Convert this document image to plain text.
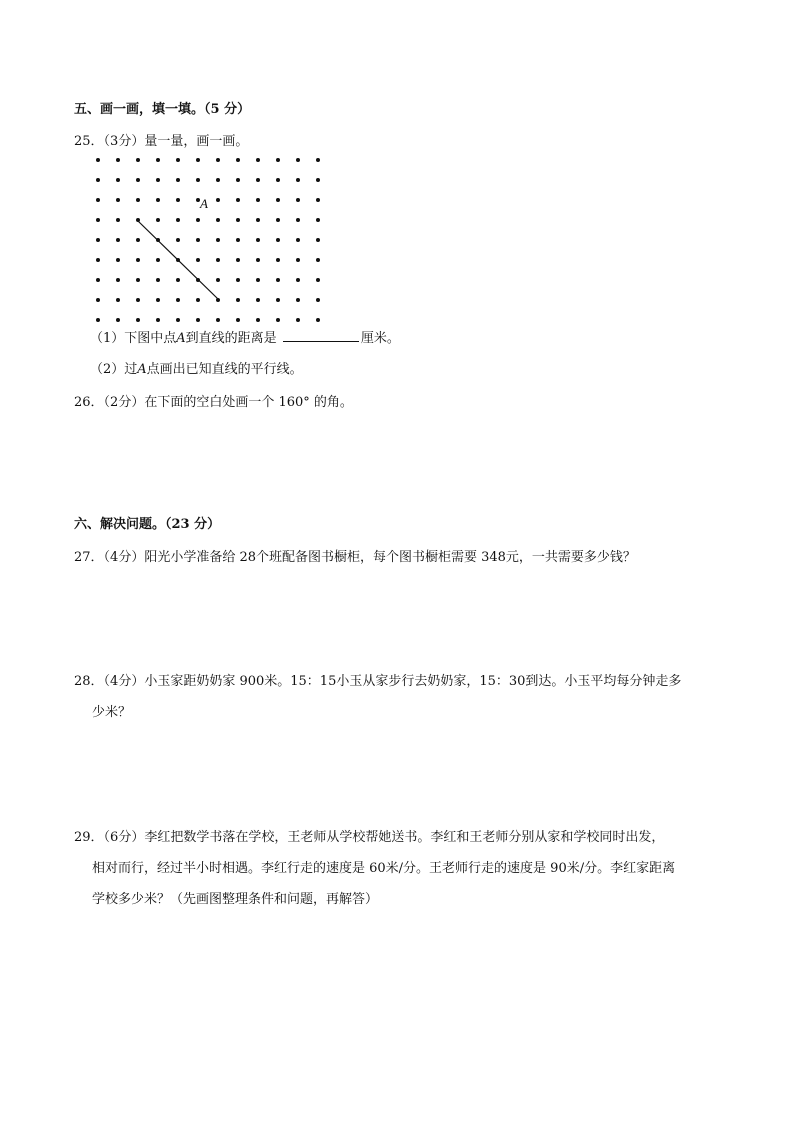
五、画一画，填一填。（5 分）
25．（3分）量一量，画一画。
A
（1）下图中点A到直线的距离是	厘米。
（2）过A点画出已知直线的平行线。
26．（2分）在下面的空白处画一个 160° 的角。
六、解决问题。（23 分）
27．（4分）阳光小学准备给 28个班配备图书橱柜，每个图书橱柜需要 348元，一共需要多少钱？
28．（4分）小玉家距奶奶家 900米。15：15小玉从家步行去奶奶家，15：30到达。小玉平均每分钟走多
少米？
29．（6分）李红把数学书落在学校，王老师从学校帮她送书。李红和王老师分别从家和学校同时出发，
相对而行，经过半小时相遇。李红行走的速度是 60米/分。王老师行走的速度是 90米/分。李红家距离
学校多少米？（先画图整理条件和问题，再解答）
